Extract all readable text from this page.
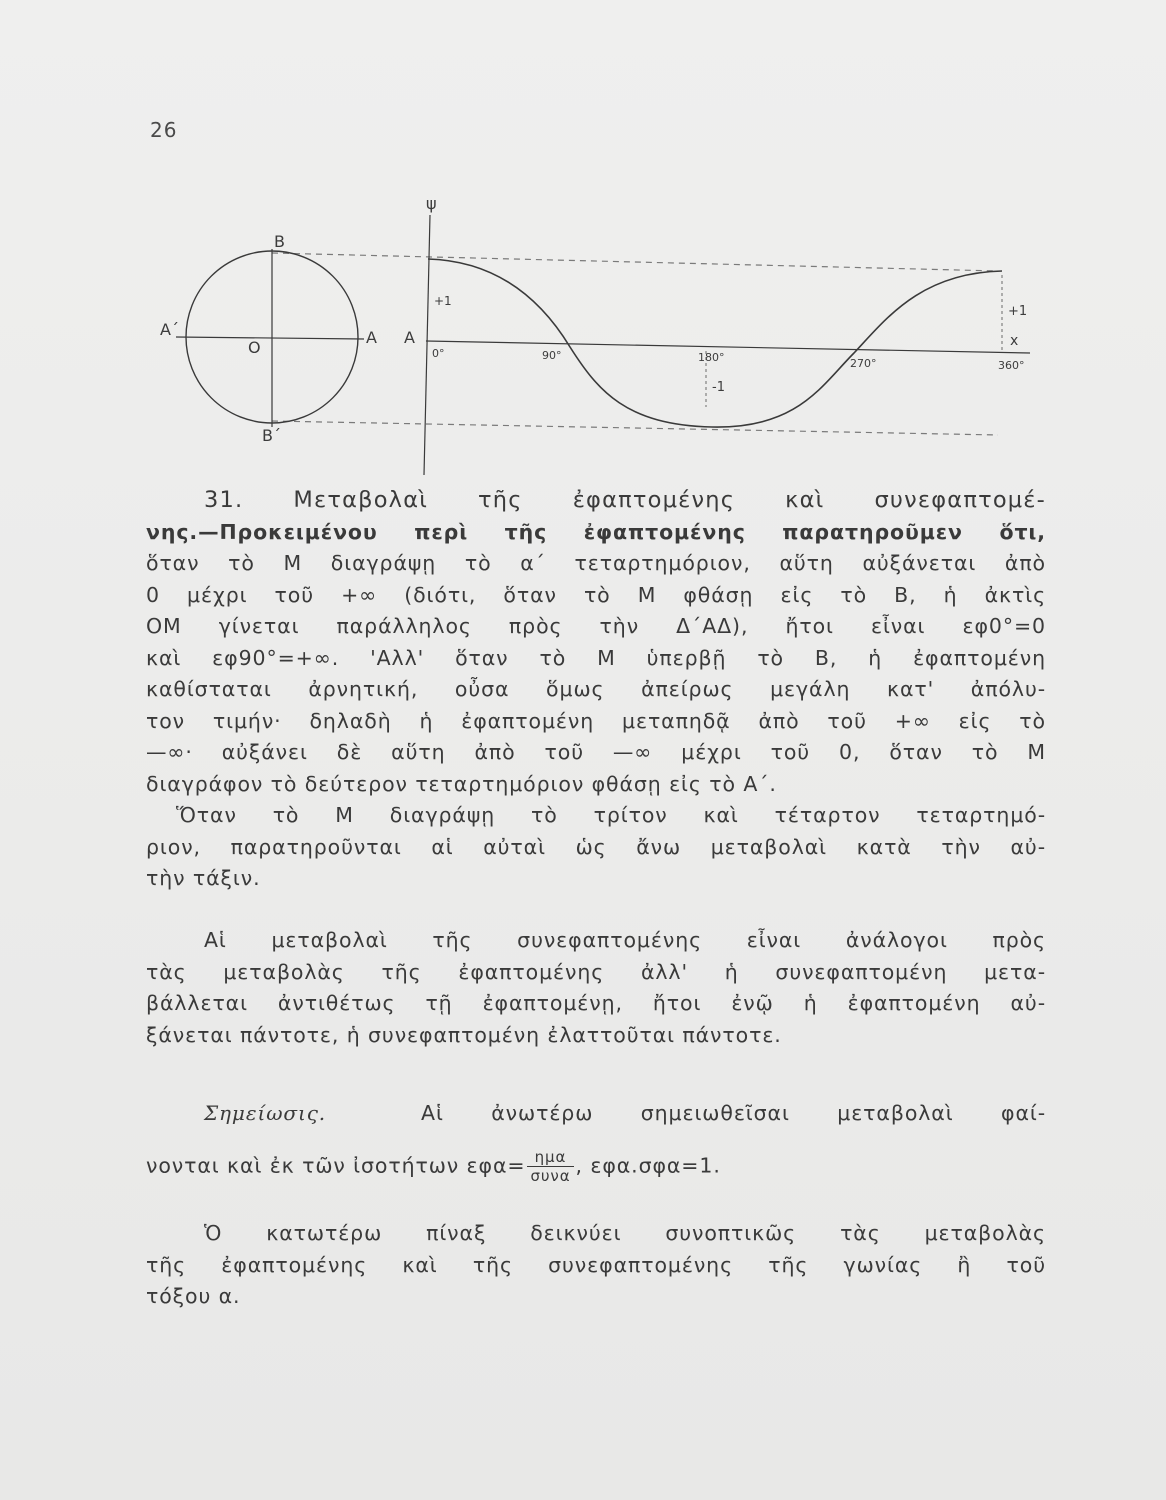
26
B
B΄
A΄	A
O
ψ
A
+1
+1
x
-1
0°	90°	180°	270°	360°
31. Μεταβολαὶ τῆς ἐφαπτομένης καὶ συνεφαπτομέ-
νης.—Προκειμένου περὶ τῆς ἐφαπτομένης παρατηροῦμεν ὅτι,
ὅταν τὸ Μ διαγράψῃ τὸ α΄ τεταρτημόριον, αὕτη αὐξάνεται ἀπὸ
0 μέχρι τοῦ +∞ (διότι, ὅταν τὸ Μ φθάσῃ εἰς τὸ Β, ἡ ἀκτὶς
ΟΜ γίνεται παράλληλος πρὸς τὴν Δ΄ΑΔ), ἤτοι εἶναι εφ0°=0
καὶ εφ90°=+∞. 'Αλλ' ὅταν τὸ Μ ὑπερβῇ τὸ Β, ἡ ἐφαπτομένη
καθίσταται ἀρνητική, οὖσα ὅμως ἀπείρως μεγάλη κατ' ἀπόλυ-
τον τιμήν· δηλαδὴ ἡ ἐφαπτομένη μεταπηδᾷ ἀπὸ τοῦ +∞ εἰς τὸ
—∞· αὐξάνει δὲ αὕτη ἀπὸ τοῦ —∞ μέχρι τοῦ 0, ὅταν τὸ Μ
διαγράφον τὸ δεύτερον τεταρτημόριον φθάσῃ εἰς τὸ Α΄.
Ὅταν τὸ Μ διαγράψῃ τὸ τρίτον καὶ τέταρτον τεταρτημό-
ριον, παρατηροῦνται αἱ αὐταὶ ὡς ἄνω μεταβολαὶ κατὰ τὴν αὐ-
τὴν τάξιν.
Αἱ μεταβολαὶ τῆς συνεφαπτομένης εἶναι ἀνάλογοι πρὸς
τὰς μεταβολὰς τῆς ἐφαπτομένης ἀλλ' ἡ συνεφαπτομένη μετα-
βάλλεται ἀντιθέτως τῇ ἐφαπτομένῃ, ἤτοι ἐνῷ ἡ ἐφαπτομένη αὐ-
ξάνεται πάντοτε, ἡ συνεφαπτομένη ἐλαττοῦται πάντοτε.
Σημείωσις.	Αἱ ἀνωτέρω σημειωθεῖσαι μεταβολαὶ φαί-
νονται καὶ ἐκ τῶν ἰσοτήτων $\varepsilon\varphi\alpha= \frac{\text{ημα}}{\text{συνα}}$ , εφα.σφα=1.
Ὁ κατωτέρω πίναξ δεικνύει συνοπτικῶς τὰς μεταβολὰς
τῆς ἐφαπτομένης καὶ τῆς συνεφαπτομένης τῆς γωνίας ἢ τοῦ
τόξου α.
